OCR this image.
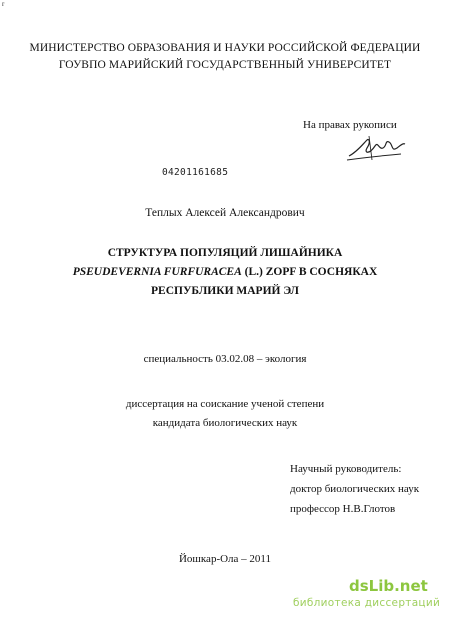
r
МИНИСТЕРСТВО ОБРАЗОВАНИЯ И НАУКИ РОССИЙСКОЙ ФЕДЕРАЦИИ
ГОУВПО МАРИЙСКИЙ ГОСУДАРСТВЕННЫЙ УНИВЕРСИТЕТ
На правах рукописи
04201161685
Теплых Алексей Александрович
СТРУКТУРА ПОПУЛЯЦИЙ ЛИШАЙНИКА
PSEUDEVERNIA FURFURACEA (L.) ZOPF В СОСНЯКАХ
РЕСПУБЛИКИ МАРИЙ ЭЛ
специальность 03.02.08 – экология
диссертация на соискание ученой степени
кандидата биологических наук
Научный руководитель:
доктор биологических наук
профессор Н.В.Глотов
Йошкар-Ола – 2011
dsLib.net
библиотека диссертаций
